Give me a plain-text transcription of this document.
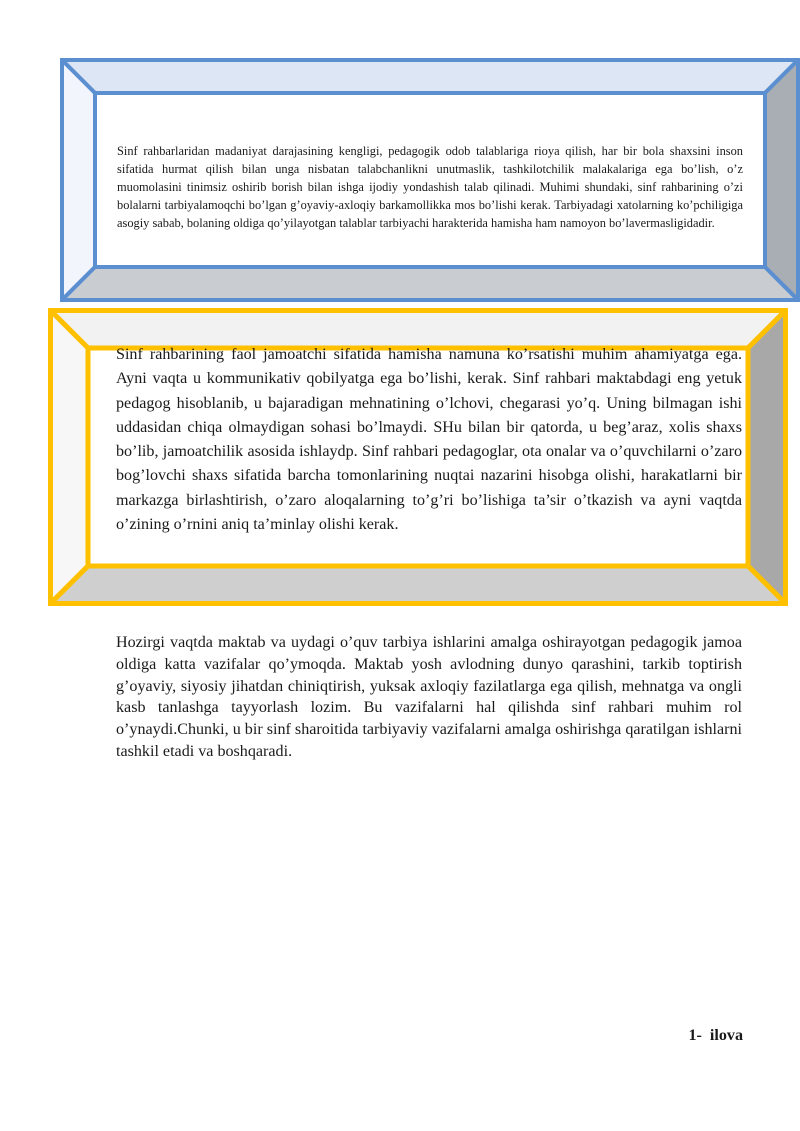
Sinf rahbarlaridan madaniyat darajasining kengligi, pedagogik odob talablariga rioya qilish, har bir bola shaxsini inson sifatida hurmat qilish bilan unga nisbatan talabchanlikni unutmaslik, tashkilotchilik malakalariga ega bo’lish, o’z muomolasini tinimsiz oshirib borish bilan ishga ijodiy yondashish talab qilinadi. Muhimi shundaki, sinf rahbarining o’zi bolalarni tarbiyalamoqchi bo’lgan g’oyaviy-axloqiy barkamollikka mos bo’lishi kerak. Tarbiyadagi xatolarning ko’pchiligiga asogiy sabab, bolaning oldiga qo’yilayotgan talablar tarbiyachi harakterida hamisha ham namoyon bo’lavermasligidadir.

Sinf rahbarining faol jamoatchi sifatida hamisha namuna ko’rsatishi muhim ahamiyatga ega. Ayni vaqta u kommunikativ qobilyatga ega bo’lishi, kerak. Sinf rahbari maktabdagi eng yetuk pedagog hisoblanib, u bajaradigan mehnatining o’lchovi, chegarasi yo’q. Uning bilmagan ishi uddasidan chiqa olmaydigan sohasi bo’lmaydi. SHu bilan bir qatorda, u beg’araz, xolis shaxs bo’lib, jamoatchilik asosida ishlaydp. Sinf rahbari pedagoglar, ota onalar va o’quvchilarni o’zaro bog’lovchi shaxs sifatida barcha tomonlarining nuqtai nazarini hisobga olishi, harakatlarni bir markazga birlashtirish, o’zaro aloqalarning to’g’ri bo’lishiga ta’sir o’tkazish va ayni vaqtda o’zining o’rnini aniq ta’minlay olishi kerak.

Hozirgi vaqtda maktab va uydagi o’quv tarbiya ishlarini amalga oshirayotgan pedagogik jamoa oldiga katta vazifalar qo’ymoqda. Maktab yosh avlodning dunyo qarashini, tarkib toptirish g’oyaviy, siyosiy jihatdan chiniqtirish, yuksak axloqiy fazilatlarga ega qilish, mehnatga va ongli kasb tanlashga tayyorlash lozim. Bu vazifalarni hal qilishda sinf rahbari muhim rol o’ynaydi.Chunki, u bir sinf sharoitida tarbiyaviy vazifalarni amalga oshirishga qaratilgan ishlarni tashkil etadi va boshqaradi.

1-  ilova
